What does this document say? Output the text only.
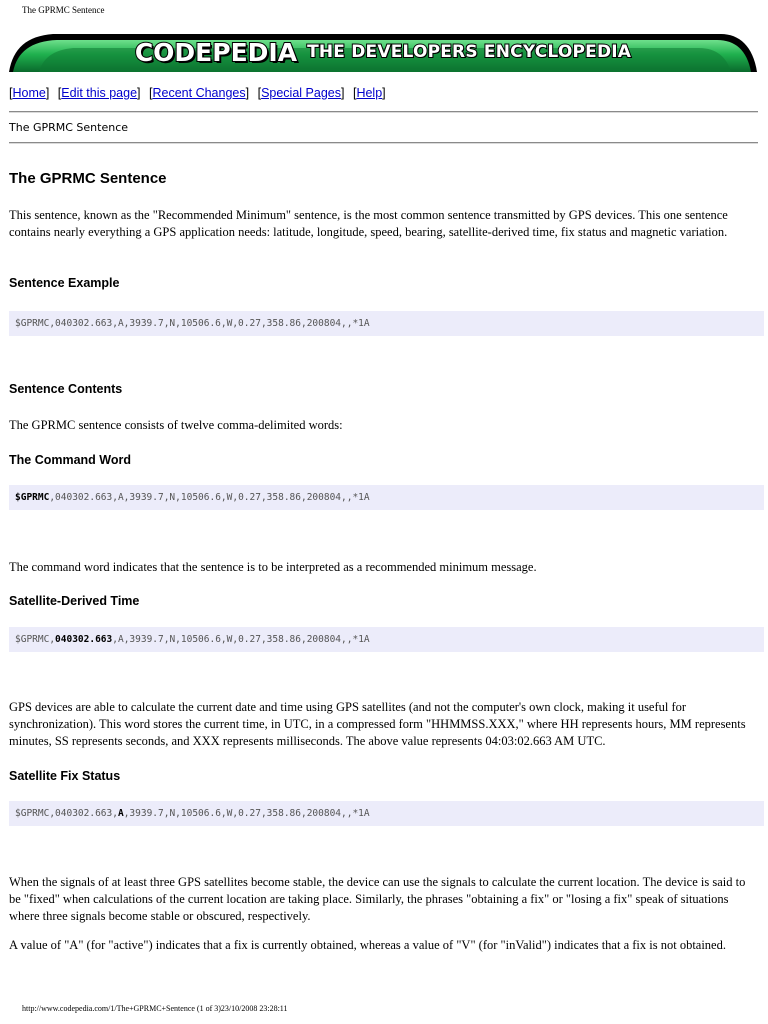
The GPRMC Sentence
CODEPEDIA THE DEVELOPERS ENCYCLOPEDIA
[Home] [Edit this page] [Recent Changes] [Special Pages] [Help]
The GPRMC Sentence
The GPRMC Sentence

This sentence, known as the "Recommended Minimum" sentence, is the most common sentence transmitted by GPS devices. This one sentence contains nearly everything a GPS application needs: latitude, longitude, speed, bearing, satellite-derived time, fix status and magnetic variation.

Sentence Example
$GPRMC,040302.663,A,3939.7,N,10506.6,W,0.27,358.86,200804,,*1A
Sentence Contents

The GPRMC sentence consists of twelve comma-delimited words:

The Command Word
$GPRMC,040302.663,A,3939.7,N,10506.6,W,0.27,358.86,200804,,*1A

The command word indicates that the sentence is to be interpreted as a recommended minimum message.

Satellite-Derived Time
$GPRMC,040302.663,A,3939.7,N,10506.6,W,0.27,358.86,200804,,*1A

GPS devices are able to calculate the current date and time using GPS satellites (and not the computer's own clock, making it useful for synchronization). This word stores the current time, in UTC, in a compressed form "HHMMSS.XXX," where HH represents hours, MM represents minutes, SS represents seconds, and XXX represents milliseconds. The above value represents 04:03:02.663 AM UTC.

Satellite Fix Status
$GPRMC,040302.663,A,3939.7,N,10506.6,W,0.27,358.86,200804,,*1A

When the signals of at least three GPS satellites become stable, the device can use the signals to calculate the current location. The device is said to be "fixed" when calculations of the current location are taking place. Similarly, the phrases "obtaining a fix" or "losing a fix" speak of situations where three signals become stable or obscured, respectively.

A value of "A" (for "active") indicates that a fix is currently obtained, whereas a value of "V" (for "inValid") indicates that a fix is not obtained.

http://www.codepedia.com/1/The+GPRMC+Sentence (1 of 3)23/10/2008 23:28:11
